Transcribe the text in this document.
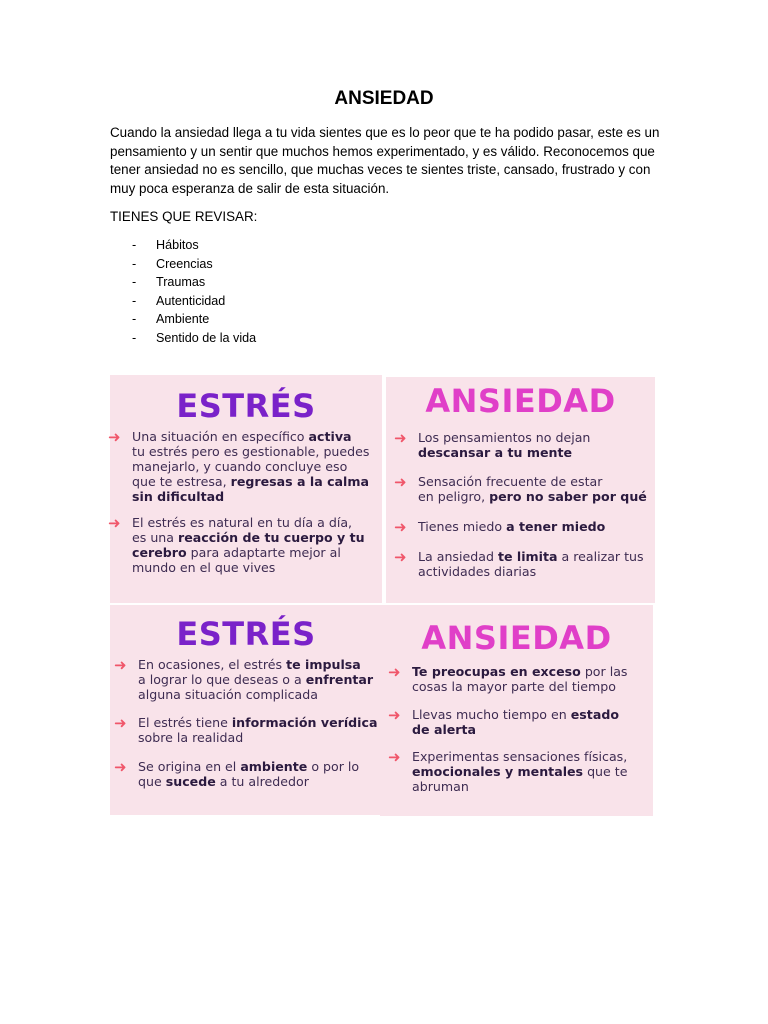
ANSIEDAD
Cuando la ansiedad llega a tu vida sientes que es lo peor que te ha podido pasar, este es un
pensamiento y un sentir que muchos hemos experimentado, y es válido. Reconocemos que
tener ansiedad no es sencillo, que muchas veces te sientes triste, cansado, frustrado y con
muy poca esperanza de salir de esta situación.
TIENES QUE REVISAR:
- Hábitos
- Creencias
- Traumas
- Autenticidad
- Ambiente
- Sentido de la vida
ESTRÉS
➜ Una situación en específico activa
tu estrés pero es gestionable, puedes
manejarlo, y cuando concluye eso
que te estresa, regresas a la calma
sin dificultad
➜ El estrés es natural en tu día a día,
es una reacción de tu cuerpo y tu
cerebro para adaptarte mejor al
mundo en el que vives
ANSIEDAD
➜ Los pensamientos no dejan
descansar a tu mente
➜ Sensación frecuente de estar
en peligro, pero no saber por qué
➜ Tienes miedo a tener miedo
➜ La ansiedad te limita a realizar tus
actividades diarias
ESTRÉS
➜ En ocasiones, el estrés te impulsa
a lograr lo que deseas o a enfrentar
alguna situación complicada
➜ El estrés tiene información verídica
sobre la realidad
➜ Se origina en el ambiente o por lo
que sucede a tu alrededor
ANSIEDAD
➜ Te preocupas en exceso por las
cosas la mayor parte del tiempo
➜ Llevas mucho tiempo en estado
de alerta
➜ Experimentas sensaciones físicas,
emocionales y mentales que te
abruman
